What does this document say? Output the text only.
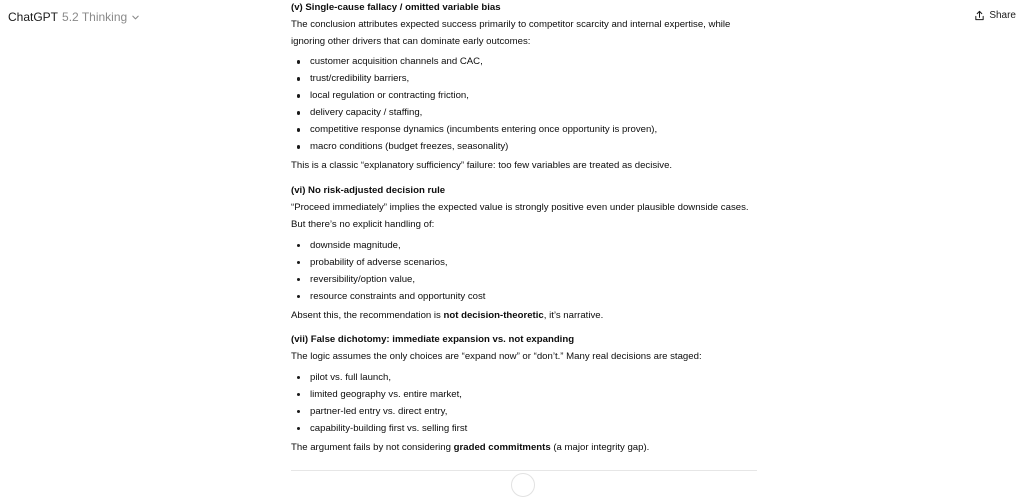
ChatGPT 5.2 Thinking	Share

(v) Single-cause fallacy / omitted variable bias

The conclusion attributes expected success primarily to competitor scarcity and internal expertise, while

ignoring other drivers that can dominate early outcomes:

customer acquisition channels and CAC,
trust/credibility barriers,
local regulation or contracting friction,
delivery capacity / staffing,
competitive response dynamics (incumbents entering once opportunity is proven),
macro conditions (budget freezes, seasonality)

This is a classic “explanatory sufficiency” failure: too few variables are treated as decisive.

(vi) No risk-adjusted decision rule

“Proceed immediately” implies the expected value is strongly positive even under plausible downside cases.

But there’s no explicit handling of:

downside magnitude,
probability of adverse scenarios,
reversibility/option value,
resource constraints and opportunity cost

Absent this, the recommendation is not decision-theoretic, it’s narrative.

(vii) False dichotomy: immediate expansion vs. not expanding

The logic assumes the only choices are “expand now” or “don’t.” Many real decisions are staged:

pilot vs. full launch,
limited geography vs. entire market,
partner-led entry vs. direct entry,
capability-building first vs. selling first

The argument fails by not considering graded commitments (a major integrity gap).
